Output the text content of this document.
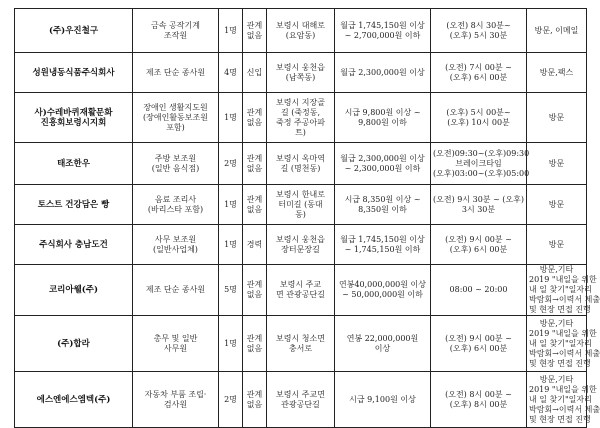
(주)우진철구	금속 공작기계
조작원	1명	관계
없음	보령시 대해로
(요암동)	월급 1,745,150원 이상
~ 2,700,000원 이하	(오전) 8시 30분~
(오후) 5시 30분	방문, 이메일

성원냉동식품주식회사	제조 단순 종사원	4명	신입	보령시 웅천읍
(남쪽동)	월급 2,300,000원 이상	(오전) 7시 00분 ~
(오후) 6시 00분	방문,팩스

사)수레바퀴재활문화
진흥회보령시지회	장애인 생활지도원
(장애인활동보조원
포함)	1명	관계
없음	보령시 지장골
길 (죽정동,
죽정 주공아파
트)	시급 9,800원 이상 ~
9,800원 이하	(오후) 5시 00분~
(오후) 10시 00분	방문

태조한우	주방 보조원
(일반 음식점)	2명	관계
없음	보령시 옥마역
길 (명천동)	월급 2,300,000원 이상
~ 2,300,000원 이하	(오전)09:30~(오후)09:30
브레이크타임
(오후)03:00~(오후)05:00	방문

토스트 건강담은 빵	음료 조리사
(바리스타 포함)	1명	관계
없음	보령시 한내로
터미길 (동대
동)	시급 8,350원 이상 ~
8,350원 이하	(오전) 9시 30분 ~ (오후)
3시 30분	방문

주식회사 충남도건	사무 보조원
(일반사업체)	1명	경력	보령시 웅천읍
장터문장길	월급 1,745,150원 이상
~ 1,745,150원 이하	(오전) 9시 00분 ~
(오후) 6시 00분	방문

코리아웰(주)	제조 단순 종사원	5명	관계
없음	보령시 주교
면 관광공단길	연봉40,000,000원 이상
~ 50,000,000원 이하	08:00 ~ 20:00	방문,기타
2019 "내일을 위한
내 일 찾기"일자리
박람회→이력서 제출
및 현장 면접 진행

(주)합라	총무 및 일반
사무원	1명	관계
없음	보령시 청소면
충서로	연봉 22,000,000원
이상	(오전) 9시 00분 ~
(오후) 6시 00분	방문,기타
2019 "내일을 위한
내 일 찾기"일자리
박람회→이력서 제출
및 현장 면접 진행

에스엔에스엠텍(주)	자동차 부품 조립·
검사원	2명	관계
없음	보령시 주교면
관광공단길	시급 9,100원 이상	(오전) 8시 00분 ~
(오후) 8시 00분	방문,기타
2019 "내일을 위한
내 일 찾기"일자리
박람회→이력서 제출
및 현장 면접 진행
